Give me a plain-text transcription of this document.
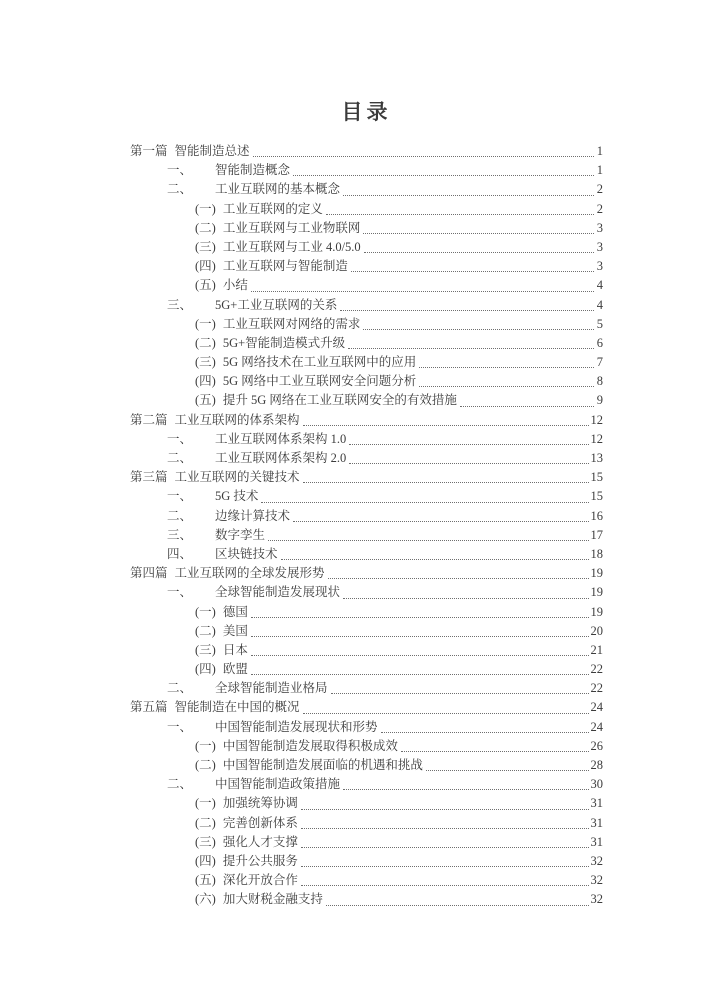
目录
第一篇 智能制造总述	1
一、	智能制造概念	1
二、	工业互联网的基本概念	2
(一) 工业互联网的定义	2
(二) 工业互联网与工业物联网	3
(三) 工业互联网与工业 4.0/5.0	3
(四) 工业互联网与智能制造	3
(五) 小结	4
三、	5G+工业互联网的关系	4
(一) 工业互联网对网络的需求	5
(二) 5G+智能制造模式升级	6
(三) 5G 网络技术在工业互联网中的应用	7
(四) 5G 网络中工业互联网安全问题分析	8
(五) 提升 5G 网络在工业互联网安全的有效措施	9
第二篇 工业互联网的体系架构	12
一、	工业互联网体系架构 1.0	12
二、	工业互联网体系架构 2.0	13
第三篇 工业互联网的关键技术	15
一、	5G 技术	15
二、	边缘计算技术	16
三、	数字孪生	17
四、	区块链技术	18
第四篇 工业互联网的全球发展形势	19
一、	全球智能制造发展现状	19
(一) 德国	19
(二) 美国	20
(三) 日本	21
(四) 欧盟	22
二、	全球智能制造业格局	22
第五篇 智能制造在中国的概况	24
一、	中国智能制造发展现状和形势	24
(一) 中国智能制造发展取得积极成效	26
(二) 中国智能制造发展面临的机遇和挑战	28
二、	中国智能制造政策措施	30
(一) 加强统筹协调	31
(二) 完善创新体系	31
(三) 强化人才支撑	31
(四) 提升公共服务	32
(五) 深化开放合作	32
(六) 加大财税金融支持	32
